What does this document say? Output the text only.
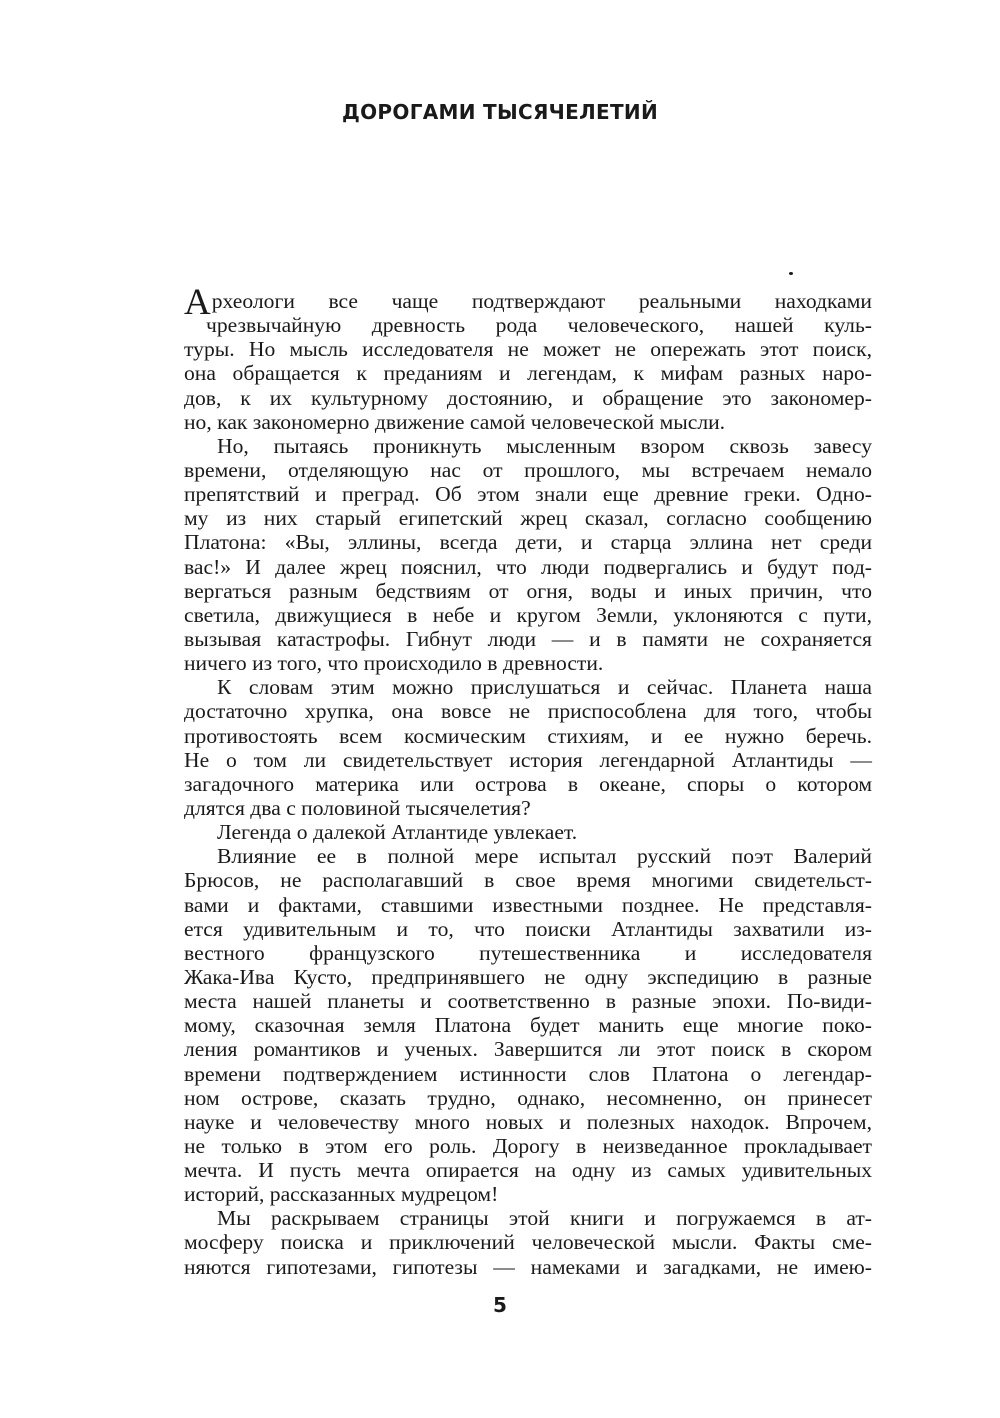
ДОРОГАМИ ТЫСЯЧЕЛЕТИЙ
Археологи все чаще подтверждают реальными находками
чрезвычайную древность рода человеческого, нашей куль-
туры. Но мысль исследователя не может не опережать этот поиск,
она обращается к преданиям и легендам, к мифам разных наро-
дов, к их культурному достоянию, и обращение это закономер-
но, как закономерно движение самой человеческой мысли.
Но, пытаясь проникнуть мысленным взором сквозь завесу
времени, отделяющую нас от прошлого, мы встречаем немало
препятствий и преград. Об этом знали еще древние греки. Одно-
му из них старый египетский жрец сказал, согласно сообщению
Платона: «Вы, эллины, всегда дети, и старца эллина нет среди
вас!» И далее жрец пояснил, что люди подвергались и будут под-
вергаться разным бедствиям от огня, воды и иных причин, что
светила, движущиеся в небе и кругом Земли, уклоняются с пути,
вызывая катастрофы. Гибнут люди — и в памяти не сохраняется
ничего из того, что происходило в древности.
К словам этим можно прислушаться и сейчас. Планета наша
достаточно хрупка, она вовсе не приспособлена для того, чтобы
противостоять всем космическим стихиям, и ее нужно беречь.
Не о том ли свидетельствует история легендарной Атлантиды —
загадочного материка или острова в океане, споры о котором
длятся два с половиной тысячелетия?
Легенда о далекой Атлантиде увлекает.
Влияние ее в полной мере испытал русский поэт Валерий
Брюсов, не располагавший в свое время многими свидетельст-
вами и фактами, ставшими известными позднее. Не представля-
ется удивительным и то, что поиски Атлантиды захватили из-
вестного французского путешественника и исследователя
Жака-Ива Кусто, предпринявшего не одну экспедицию в разные
места нашей планеты и соответственно в разные эпохи. По-види-
мому, сказочная земля Платона будет манить еще многие поко-
ления романтиков и ученых. Завершится ли этот поиск в скором
времени подтверждением истинности слов Платона о легендар-
ном острове, сказать трудно, однако, несомненно, он принесет
науке и человечеству много новых и полезных находок. Впрочем,
не только в этом его роль. Дорогу в неизведанное прокладывает
мечта. И пусть мечта опирается на одну из самых удивительных
историй, рассказанных мудрецом!
Мы раскрываем страницы этой книги и погружаемся в ат-
мосферу поиска и приключений человеческой мысли. Факты сме-
няются гипотезами, гипотезы — намеками и загадками, не имею-
5
